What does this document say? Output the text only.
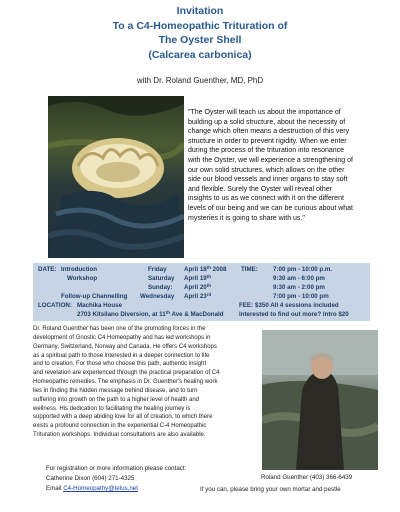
Invitation
To a C4-Homeopathic Trituration of
The Oyster Shell
(Calcarea carbonica)
with Dr. Roland Guenther, MD, PhD
"The Oyster will teach us about the importance of
building up a solid structure, about the necessity of
change which often means a destruction of this very
structure in order to prevent rigidity. When we enter
during the process of the trituration into resonance
with the Oyster, we will experience a strengthening of
our own solid structures, which allows on the other
side our blood vessels and inner organs to stay soft
and flexible. Surely the Oyster will reveal other
insights to us as we connect with it on the different
levels of our being and we can be curious about what
mysteries it is going to share with us."
DATE: Introduction	Friday	April 18th 2008 TIME: 7:00 pm - 10:00 p.m.
Workshop	Saturday April 19th	9:30 am - 6:00 pm
Sunday: April 20th	9:30 am - 2:00 pm
Follow-up Channelling Wednesday April 23rd	7:00 pm - 10:00 pm
LOCATION: Machika House	FEE: $350 All 4 sessions included
2703 Kitsilano Diversion, at 11th Ave & MacDonald Interested to find out more? Intro $20
Dr. Roland Guenther has been one of the promoting forces in the
development of Gnostic C4 Homeopathy and has led workshops in
Germany, Switzerland, Norway and Canada. He offers C4 workshops
as a spiritual path to those interested in a deeper connection to life
and to creation. For those who choose this path, authentic insight
and revelation are experienced through the practical preparation of C4
Homeopathic remedies. The emphasis in Dr. Guenther's healing work
lies in finding the hidden message behind disease, and to turn
suffering into growth on the path to a higher level of health and
wellness. His dedication to facilitating the healing journey is
supported with a deep abiding love for all of creation, to which there
exists a profound connection in the experiential C-4 Homeopathic
Trituration workshops. Individual consultations are also available.
For registration or more information please contact:
Catherine Dixon (604) 271-4325
Email C4-Homeopathy@telus.net
Roland Guenther (403) 366-6439
If you can, please bring your own mortar and pestle
